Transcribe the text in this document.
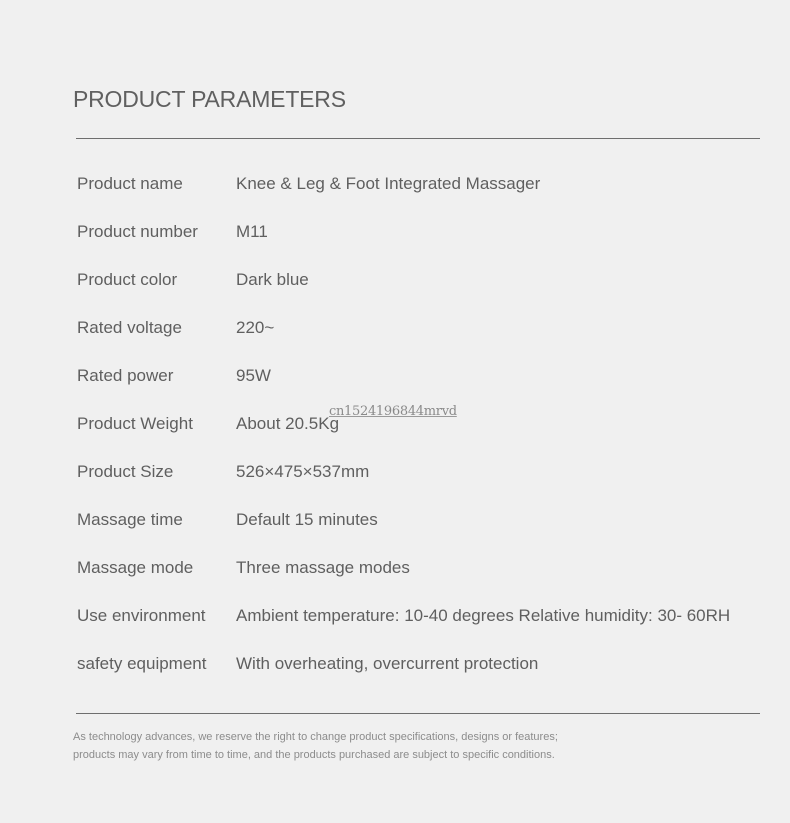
PRODUCT PARAMETERS
Product name	Knee & Leg & Foot Integrated Massager
Product number M11
Product color	Dark blue
Rated voltage	220~
Rated power	95W
Product Weight	About 20.5Kg
Product Size	526×475×537mm
Massage time	Default 15 minutes
Massage mode	Three massage modes
Use environment Ambient temperature: 10-40 degrees Relative humidity: 30- 60RH
safety equipment With overheating, overcurrent protection
cn1524196844mrvd

As technology advances, we reserve the right to change product specifications, designs or features;

products may vary from time to time, and the products purchased are subject to specific conditions.
